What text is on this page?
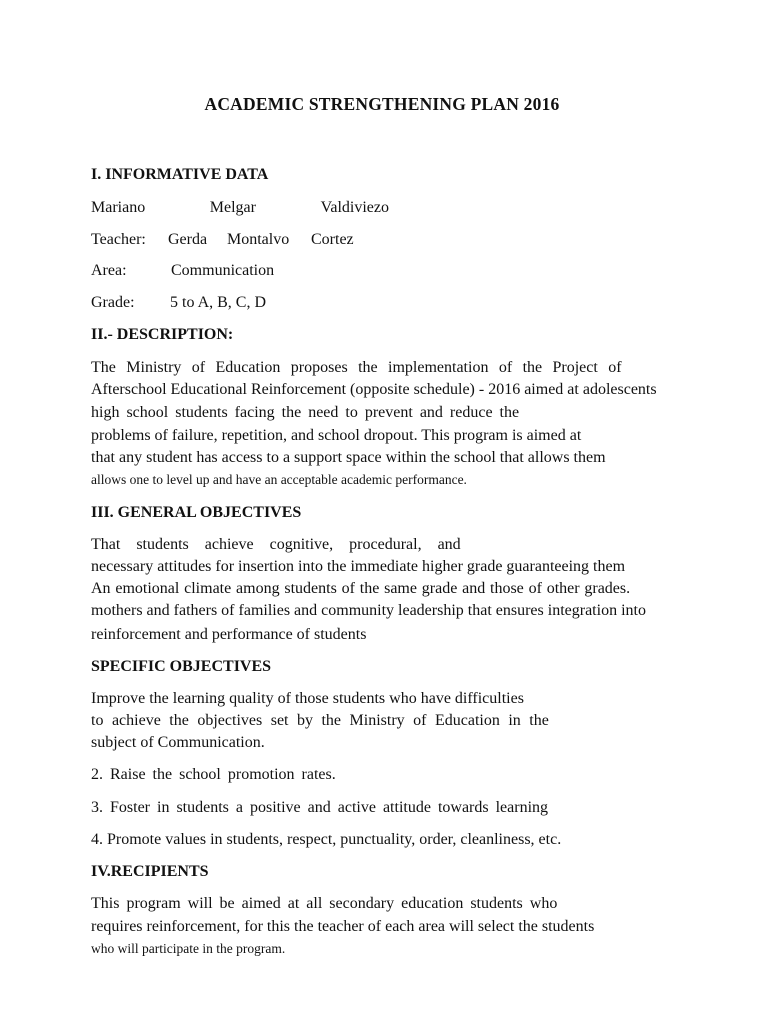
ACADEMIC STRENGTHENING PLAN 2016
I. INFORMATIVE DATA
Mariano	Melgar	Valdiviezo
Teacher:	Gerda	Montalvo	Cortez
Area:	Communication
Grade:	5 to A, B, C, D
II.- DESCRIPTION:
The Ministry of Education proposes the implementation of the Project of
Afterschool Educational Reinforcement (opposite schedule) - 2016 aimed at adolescents
high school students facing the need to prevent and reduce the
problems of failure, repetition, and school dropout. This program is aimed at
that any student has access to a support space within the school that allows them
allows one to level up and have an acceptable academic performance.
III. GENERAL OBJECTIVES
That students achieve cognitive, procedural, and
necessary attitudes for insertion into the immediate higher grade guaranteeing them
An emotional climate among students of the same grade and those of other grades.
mothers and fathers of families and community leadership that ensures integration into
reinforcement and performance of students
SPECIFIC OBJECTIVES
Improve the learning quality of those students who have difficulties
to achieve the objectives set by the Ministry of Education in the
subject of Communication.
2. Raise the school promotion rates.
3. Foster in students a positive and active attitude towards learning
4. Promote values in students, respect, punctuality, order, cleanliness, etc.
IV.RECIPIENTS
This program will be aimed at all secondary education students who
requires reinforcement, for this the teacher of each area will select the students
who will participate in the program.
